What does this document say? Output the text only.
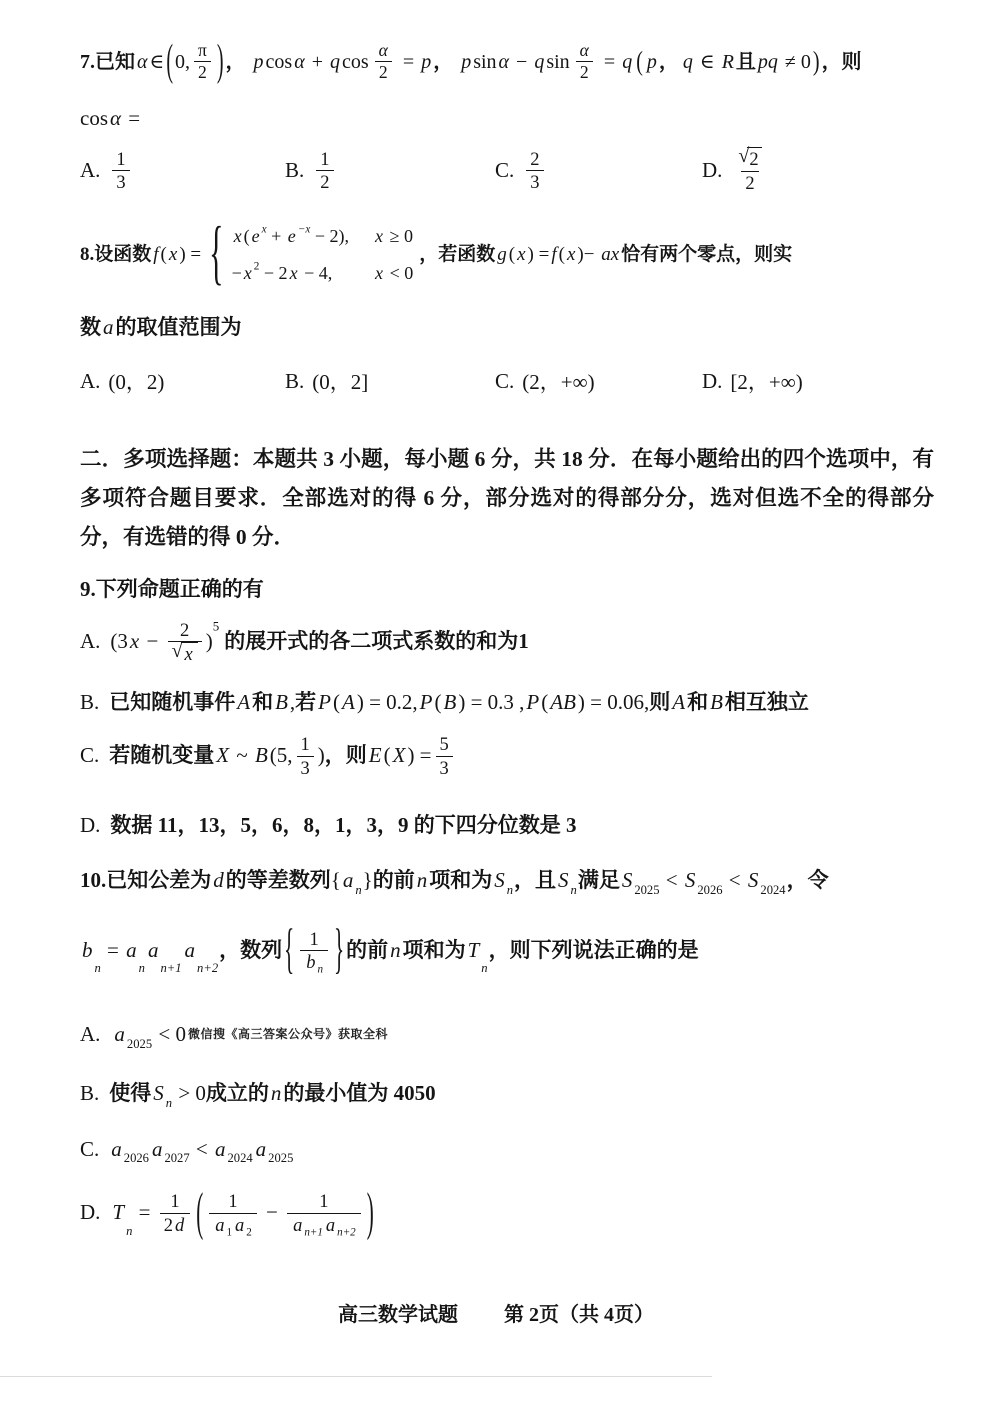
高三数学试题 第 2页（共 4页）
7.已知 α ∈ ( 0, $\frac{\pi}{2}$ ) ， p cos α + q $\cos \frac{\alpha}{2} = p$ ， p sin α − q $\sin \frac{\alpha}{2} = q$ ( p ， q ∈ R 且 pq ≠ 0 ) ，则
cos α =
A. $\frac{1}{3}$	B. $\frac{1}{2}$	C. $\frac{2}{3}$	D. $\frac{√ 2}{2}$
8.设函数 f ( x ) = { x ( e x + e −x − 2), x ≥ 0
− x 2 − 2 x − 4, x < 0
，若函数 g ( x ) = f ( x )− ax 恰有两个零点，则实
数 a 的取值范围为
A. (0，2)	B. (0，2]	C. (2，+∞)	D. [2，+∞)
二．多项选择题：本题共 3 小题，每小题 6 分，共 18 分．在每小题给出的四个选项中，有多项符合题目要求．全部选对的得 6 分，部分选对的得部分分，选对但选不全的得部分分，有选错的得 0 分．
9.下列命题正确的有
A. (3 $x - \frac{2}{√ x}$ )
5
的展开式的各二项式系数的和为1
B. 已知随机事件 A 和 B , 若 P ( A ) = 0.2, P ( B ) = 0.3 , P ( AB ) = 0.06, 则 A 和 B 相互独立
C. 若随机变量 X ~ B (5, $\frac{1}{3}$ ) ，则 E ( X ) = $\frac{5}{3}$
D. 数据 11，13，5，6，8，1，3，9 的下四分位数是 3
10.已知公差为 d 的等差数列 { a n } 的前 n 项和为 S n ，且 S n 满足 S 2025 < S 2026 < S 2024 ，令
b
n
= a
n
a
n+1
a
n+2
，数列 { $\frac{1}{\text{b n}}$ } 的前 n 项和为 T
n
，则下列说法正确的是
A. a 2025 < 0 微信搜《高三答案公众号》获取全科
B. 使得 S n > 0 成立的 n 的最小值为 4050
C. a 2026 a 2027 < a 2024 a 2025
D. T
n
= $\frac{1}{2 d}$ ( $\frac{1}{a 1 a 2} - \frac{1}{\text{a n+1 a n+2}}$ )
